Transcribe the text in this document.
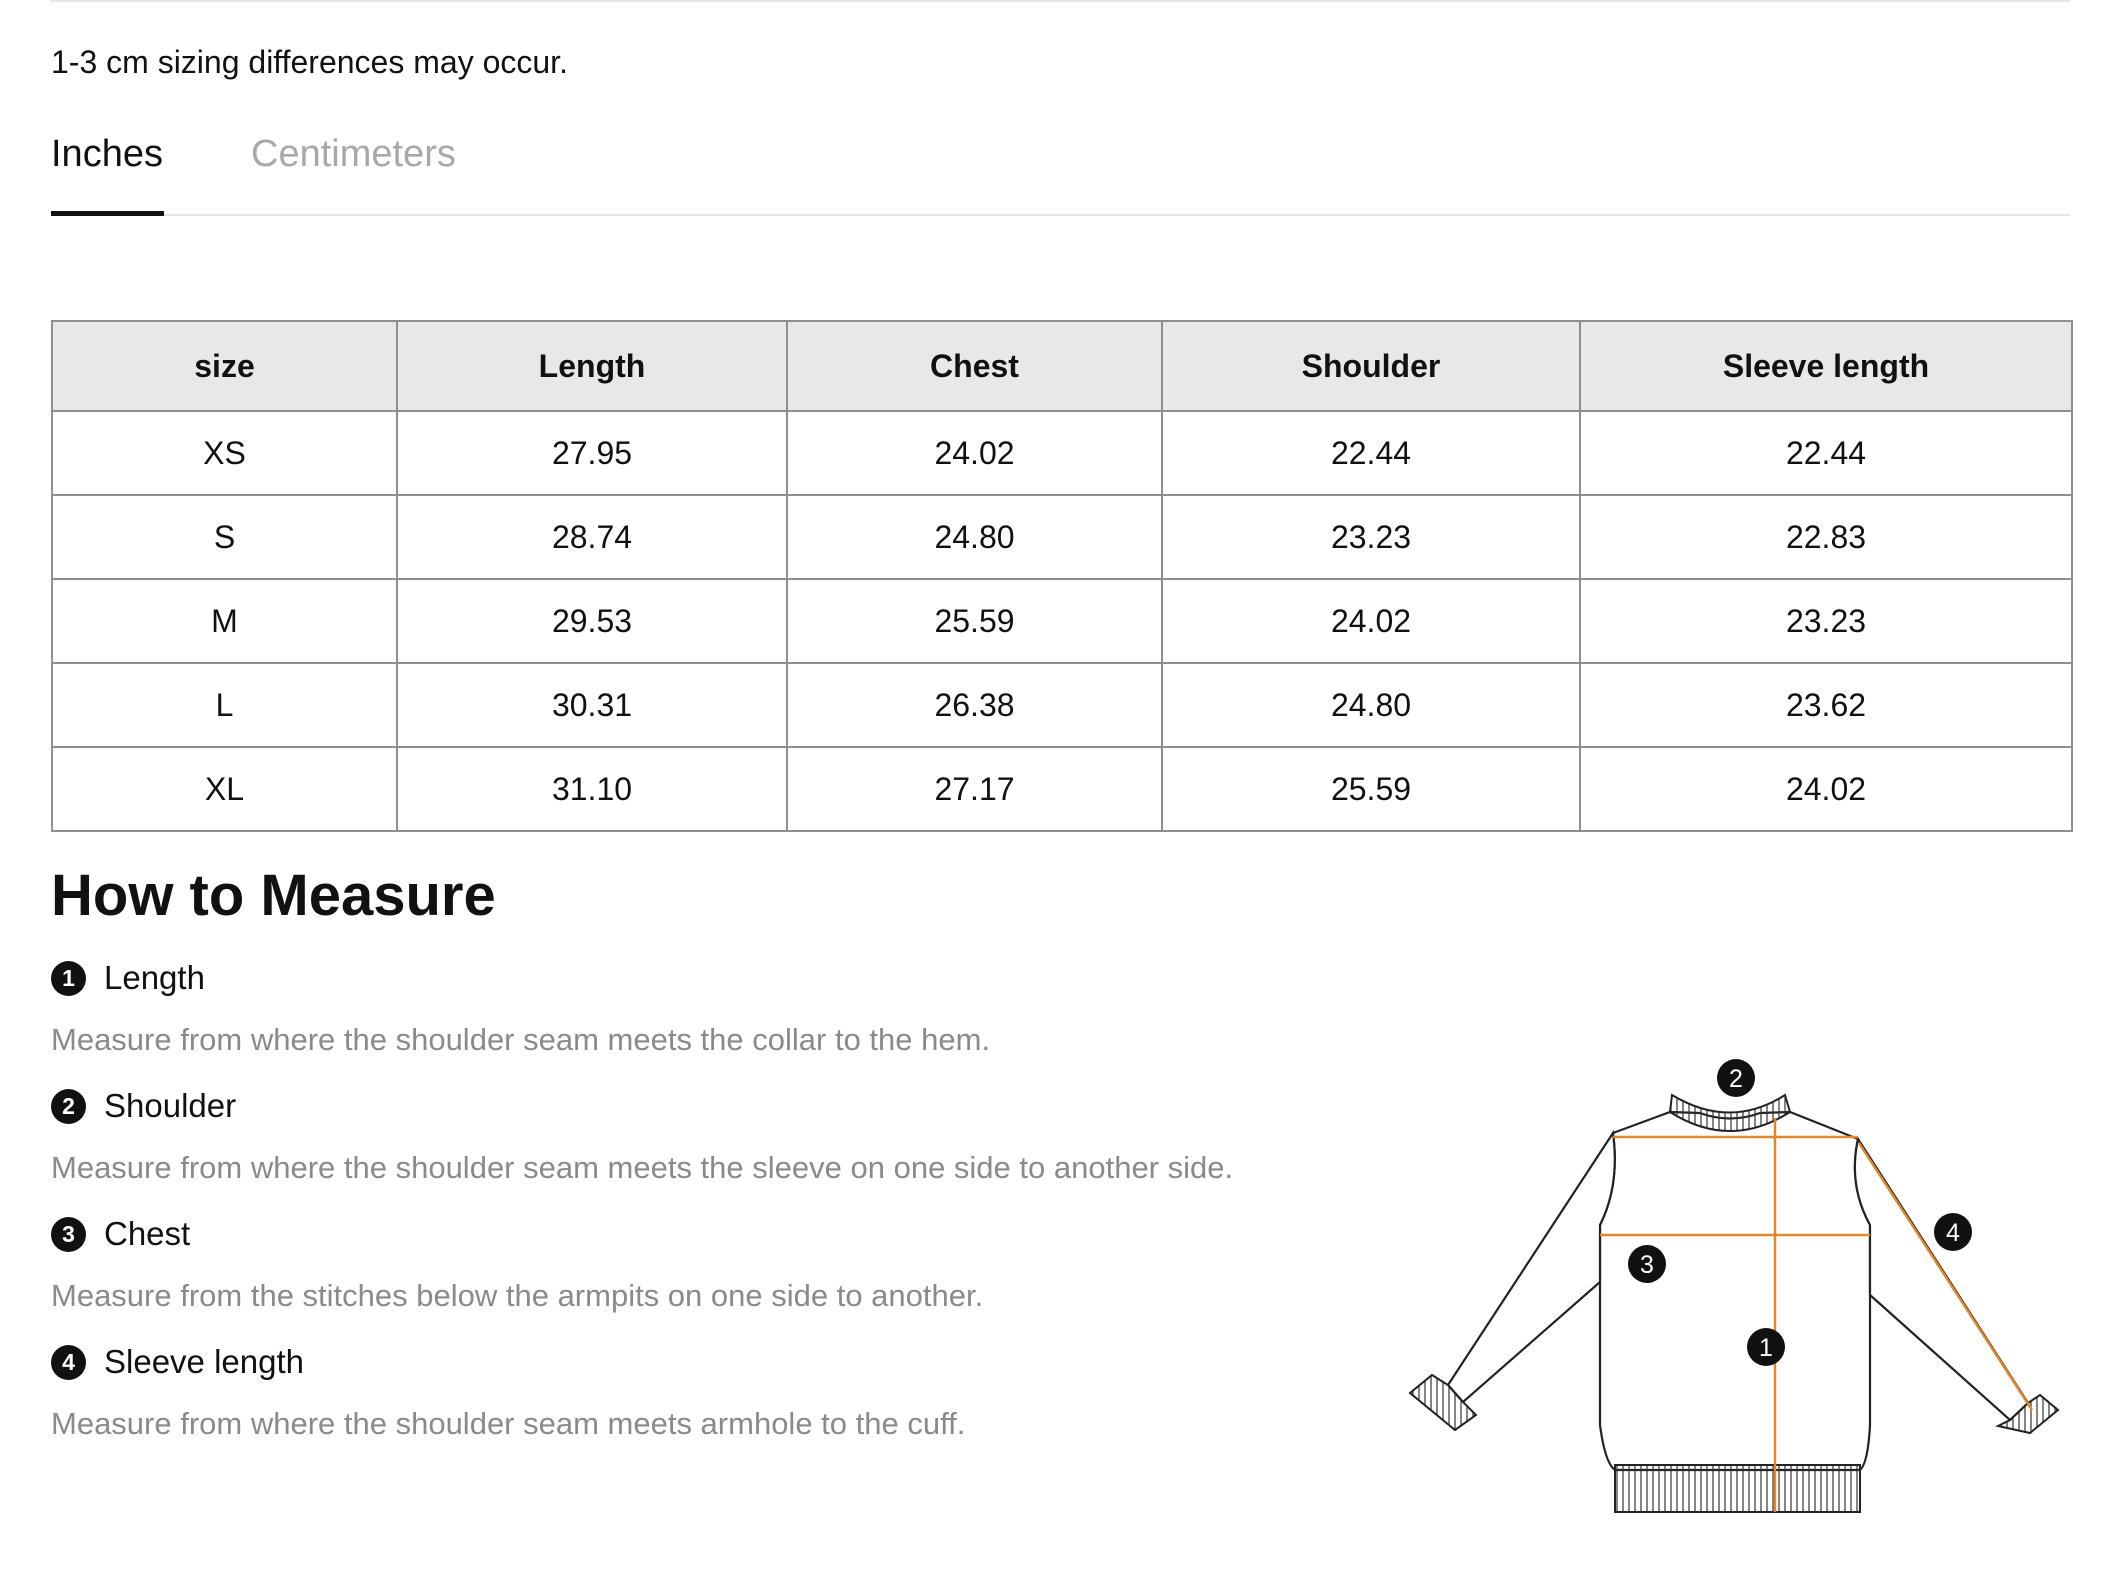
1-3 cm sizing differences may occur.
Inches Centimeters
size	Length	Chest	Shoulder	Sleeve length
XS	27.95	24.02	22.44	22.44
S	28.74	24.80	23.23	22.83
M	29.53	25.59	24.02	23.23
L	30.31	26.38	24.80	23.62
XL	31.10	27.17	25.59	24.02
How to Measure
1 Length
Measure from where the shoulder seam meets the collar to the hem.
2 Shoulder
Measure from where the shoulder seam meets the sleeve on one side to another side.
3 Chest
Measure from the stitches below the armpits on one side to another.
4 Sleeve length
Measure from where the shoulder seam meets armhole to the cuff.
2
3
1
4
